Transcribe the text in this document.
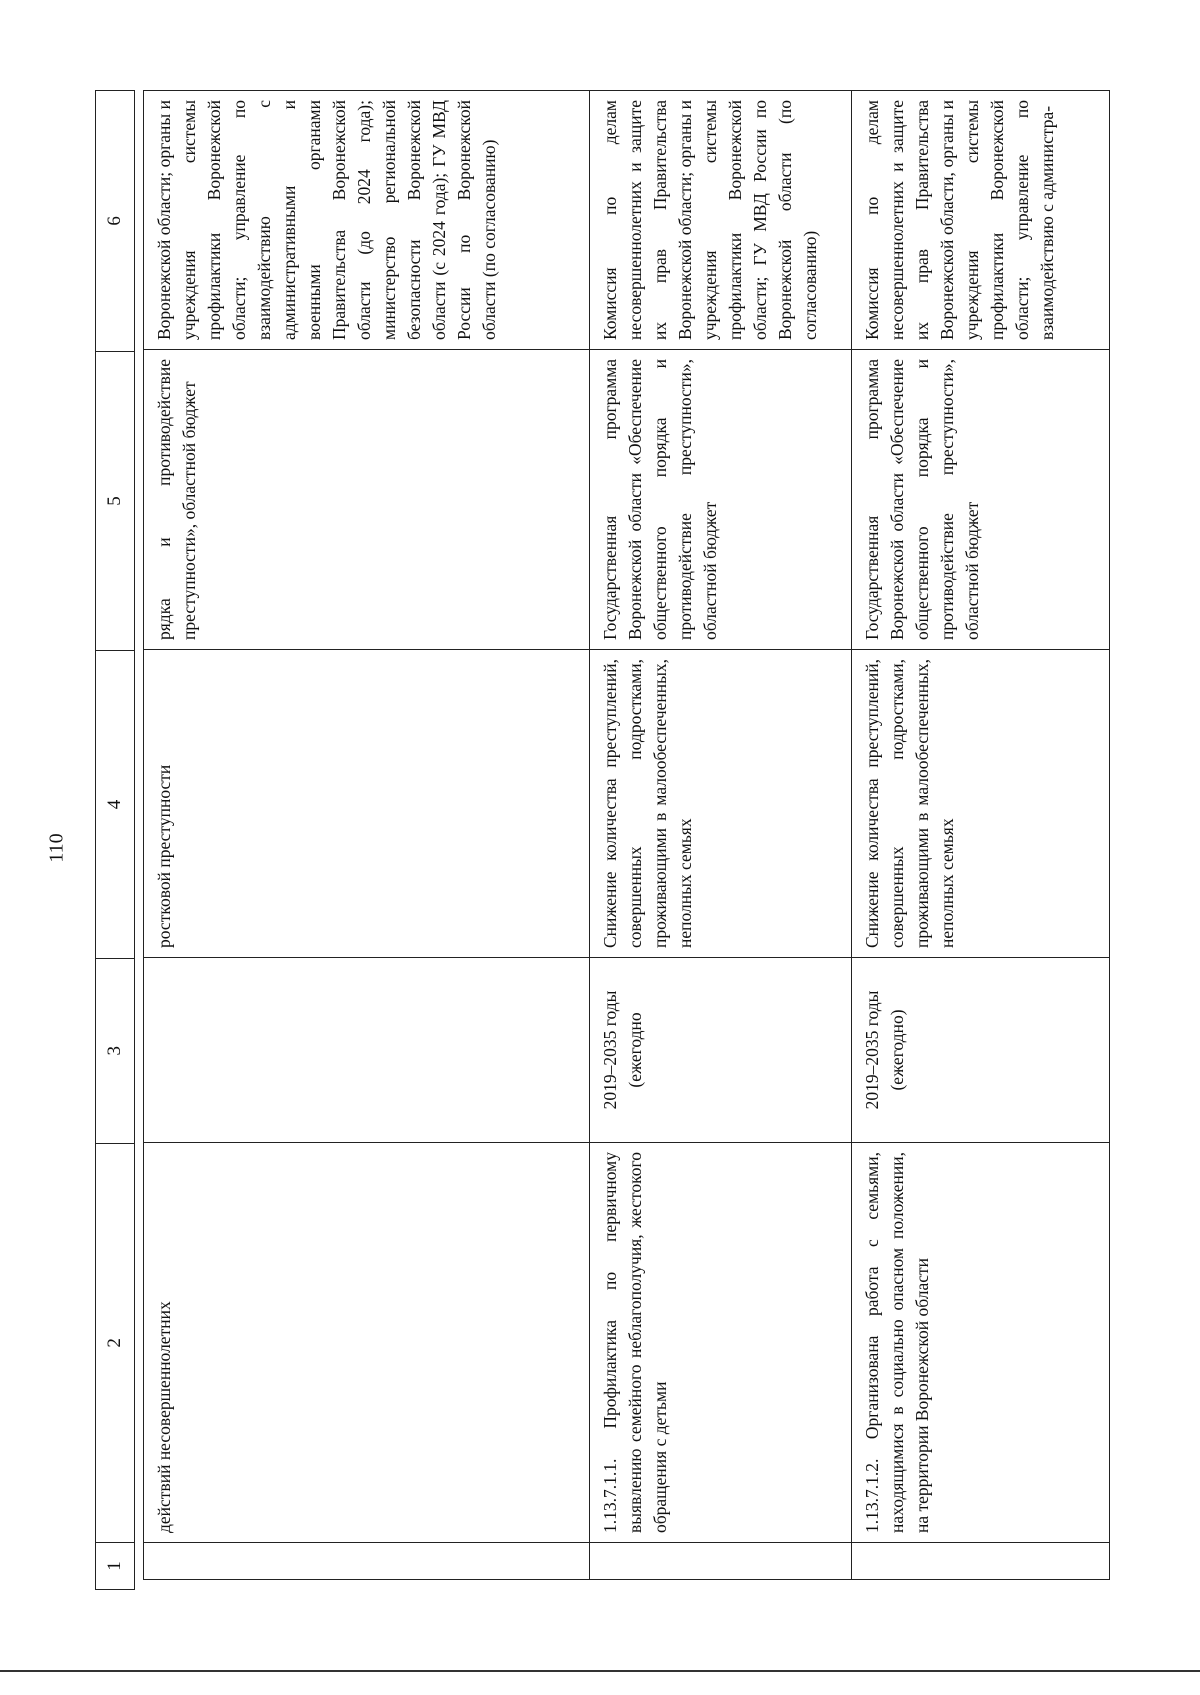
110
1
2
3
4
5
6
действий несовершеннолетних
ростковой преступности
рядка и противодействие преступности», областной бюджет
Воронежской области; органы и учреждения системы профилактики Воронежской области; управление по взаимодействию с административными и военными органами Правительства Воронежской области (до 2024 года); министерство региональной безопасности Воронежской области (с 2024 года); ГУ МВД России по Воронежской области (по согласованию)
1.13.7.1.1. Профилактика по первичному выявлению семейного неблагополучия, жестокого обращения с детьми
2019–2035 годы (ежегодно
Снижение количества преступлений, совершенных подростками, проживающими в малообеспеченных, неполных семьях
Государственная программа Воронежской области «Обеспечение общественного порядка и противодействие преступности», областной бюджет
Комиссия по делам несовершеннолетних и защите их прав Правительства Воронежской области; органы и учреждения системы профилактики Воронежской области; ГУ МВД России по Воронежской области (по согласованию)
1.13.7.1.2. Организована работа с семьями, находящимися в социально опасном положении, на территории Воронежской области
2019–2035 годы (ежегодно)
Снижение количества преступлений, совершенных подростками, проживающими в малообеспеченных, неполных семьях
Государственная программа Воронежской области «Обеспечение общественного порядка и противодействие преступности», областной бюджет
Комиссия по делам несовершеннолетних и защите их прав Правительства Воронежской области, органы и учреждения системы профилактики Воронежской области; управление по взаимодействию с администра-
